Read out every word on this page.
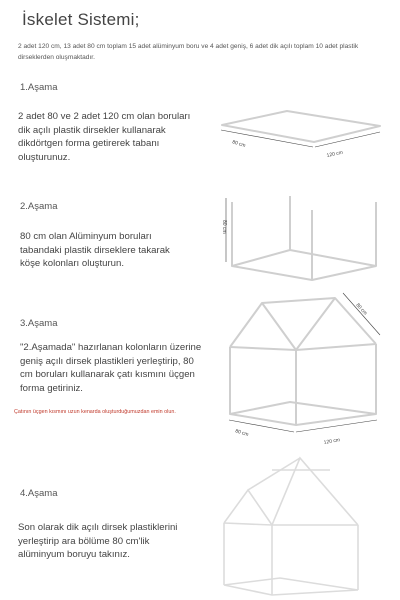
İskelet Sistemi;
2 adet 120 cm, 13 adet 80 cm toplam 15 adet alüminyum boru ve 4 adet geniş, 6 adet dik açılı toplam 10 adet plastik dirseklerden oluşmaktadır.
1.Aşama
2 adet 80 ve 2 adet 120 cm olan boruları dik açılı plastik dirsekler kullanarak dikdörtgen forma getirerek tabanı oluşturunuz.
80 cm
120 cm
2.Aşama
80 cm olan Alüminyum boruları tabandaki plastik dirseklere takarak köşe kolonları oluşturun.
80 cm
3.Aşama
"2.Aşamada" hazırlanan kolonların üzerine geniş açılı dirsek plastikleri yerleştirip, 80 cm boruları kullanarak çatı kısmını üçgen forma getiriniz.
Çatının üçgen kısmını uzun kenarda oluşturduğumuzdan emin olun.
80 cm
80 cm
120 cm
4.Aşama
Son olarak dik açılı dirsek plastiklerini yerleştirip ara bölüme 80 cm'lik alüminyum boruyu takınız.
